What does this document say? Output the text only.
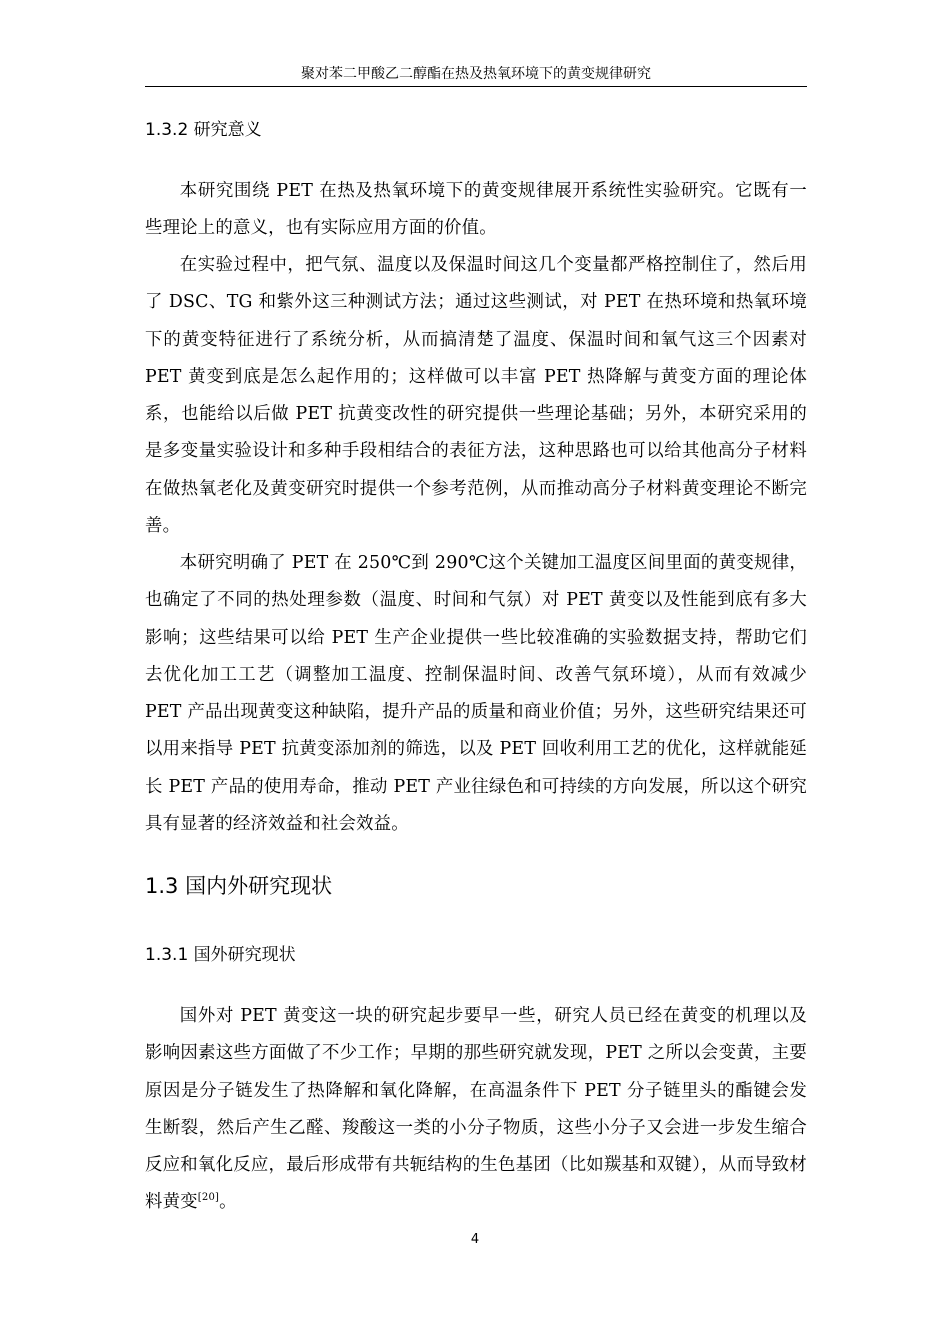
聚对苯二甲酸乙二醇酯在热及热氧环境下的黄变规律研究
1.3.2 研究意义

本研究围绕 PET 在热及热氧环境下的黄变规律展开系统性实验研究。它既有一些理论上的意义，也有实际应用方面的价值。

在实验过程中，把气氛、温度以及保温时间这几个变量都严格控制住了，然后用了 DSC、TG 和紫外这三种测试方法；通过这些测试，对 PET 在热环境和热氧环境下的黄变特征进行了系统分析，从而搞清楚了温度、保温时间和氧气这三个因素对 PET 黄变到底是怎么起作用的；这样做可以丰富 PET 热降解与黄变方面的理论体系，也能给以后做 PET 抗黄变改性的研究提供一些理论基础；另外，本研究采用的是多变量实验设计和多种手段相结合的表征方法，这种思路也可以给其他高分子材料在做热氧老化及黄变研究时提供一个参考范例，从而推动高分子材料黄变理论不断完善。

本研究明确了 PET 在 250℃到 290℃这个关键加工温度区间里面的黄变规律，也确定了不同的热处理参数（温度、时间和气氛）对 PET 黄变以及性能到底有多大影响；这些结果可以给 PET 生产企业提供一些比较准确的实验数据支持，帮助它们去优化加工工艺（调整加工温度、控制保温时间、改善气氛环境），从而有效减少 PET 产品出现黄变这种缺陷，提升产品的质量和商业价值；另外，这些研究结果还可以用来指导 PET 抗黄变添加剂的筛选，以及 PET 回收利用工艺的优化，这样就能延长 PET 产品的使用寿命，推动 PET 产业往绿色和可持续的方向发展，所以这个研究具有显著的经济效益和社会效益。

1.3 国内外研究现状
1.3.1 国外研究现状

国外对 PET 黄变这一块的研究起步要早一些，研究人员已经在黄变的机理以及影响因素这些方面做了不少工作；早期的那些研究就发现，PET 之所以会变黄，主要原因是分子链发生了热降解和氧化降解，在高温条件下 PET 分子链里头的酯键会发生断裂，然后产生乙醛、羧酸这一类的小分子物质，这些小分子又会进一步发生缩合反应和氧化反应，最后形成带有共轭结构的生色基团（比如羰基和双键），从而导致材料黄变[20]。

4
